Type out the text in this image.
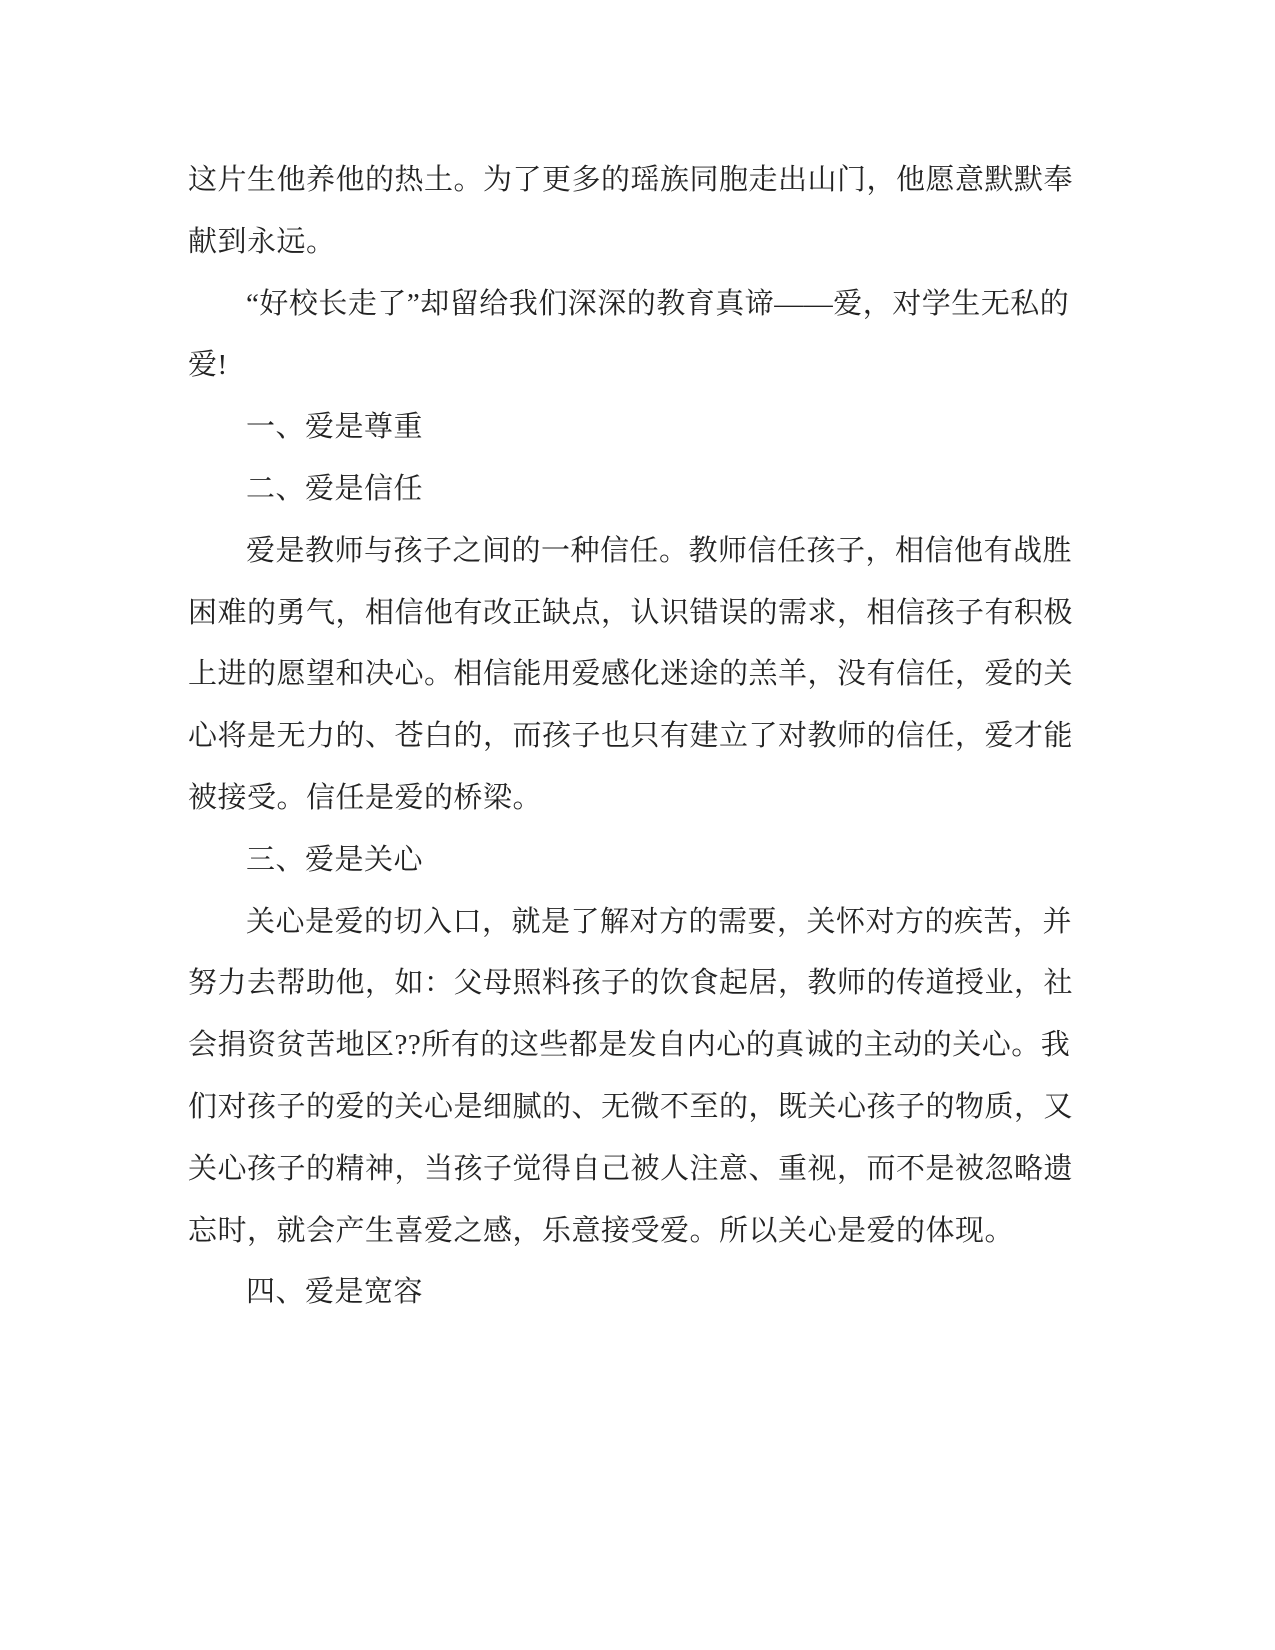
这片生他养他的热土。为了更多的瑶族同胞走出山门，他愿意默默奉
献到永远。
“好校长走了”却留给我们深深的教育真谛——爱，对学生无私的
爱!
一、爱是尊重
二、爱是信任
爱是教师与孩子之间的一种信任。教师信任孩子，相信他有战胜
困难的勇气，相信他有改正缺点，认识错误的需求，相信孩子有积极
上进的愿望和决心。相信能用爱感化迷途的羔羊，没有信任，爱的关
心将是无力的、苍白的，而孩子也只有建立了对教师的信任，爱才能
被接受。信任是爱的桥梁。
三、爱是关心
关心是爱的切入口，就是了解对方的需要，关怀对方的疾苦，并
努力去帮助他，如：父母照料孩子的饮食起居，教师的传道授业，社
会捐资贫苦地区??所有的这些都是发自内心的真诚的主动的关心。我
们对孩子的爱的关心是细腻的、无微不至的，既关心孩子的物质，又
关心孩子的精神，当孩子觉得自己被人注意、重视，而不是被忽略遗
忘时，就会产生喜爱之感，乐意接受爱。所以关心是爱的体现。
四、爱是宽容
